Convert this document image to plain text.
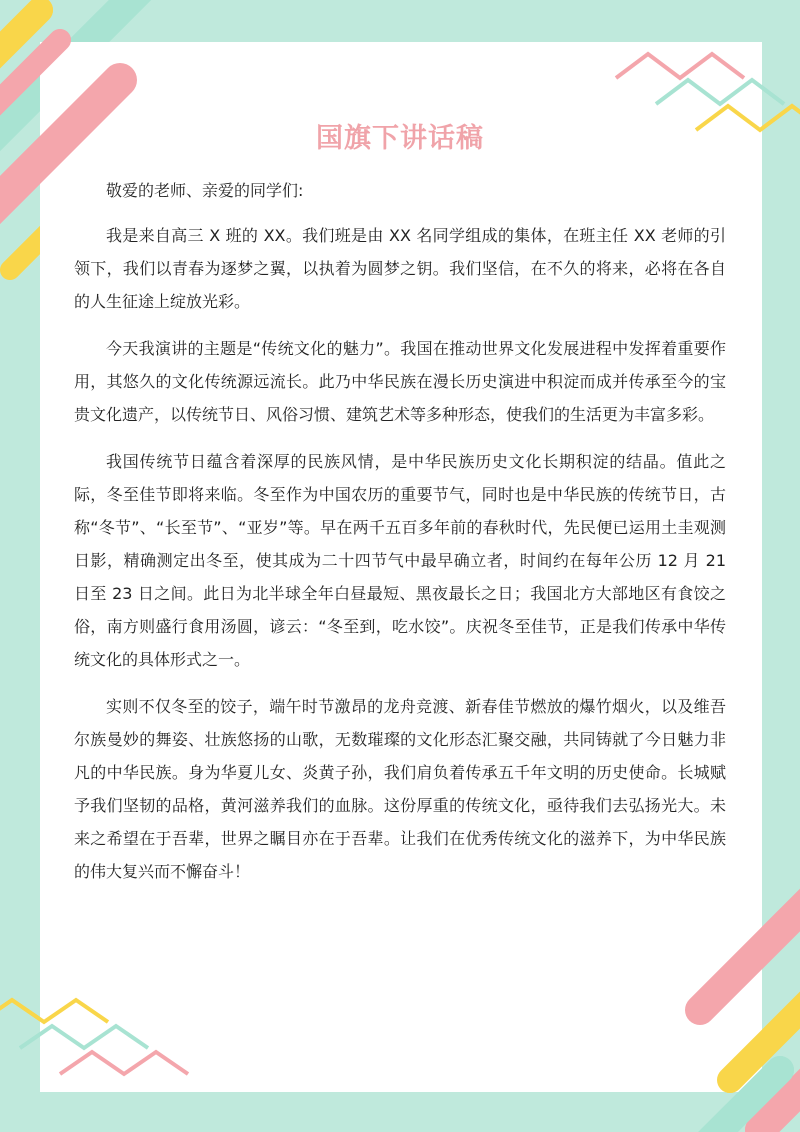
国旗下讲话稿

敬爱的老师、亲爱的同学们:

我是来自高三 X 班的 XX。我们班是由 XX 名同学组成的集体，在班主任 XX 老师的引领下，我们以青春为逐梦之翼，以执着为圆梦之钥。我们坚信，在不久的将来，必将在各自的人生征途上绽放光彩。

今天我演讲的主题是“传统文化的魅力”。我国在推动世界文化发展进程中发挥着重要作用，其悠久的文化传统源远流长。此乃中华民族在漫长历史演进中积淀而成并传承至今的宝贵文化遗产，以传统节日、风俗习惯、建筑艺术等多种形态，使我们的生活更为丰富多彩。

我国传统节日蕴含着深厚的民族风情，是中华民族历史文化长期积淀的结晶。值此之际，冬至佳节即将来临。冬至作为中国农历的重要节气，同时也是中华民族的传统节日，古称“冬节”、“长至节”、“亚岁”等。早在两千五百多年前的春秋时代，先民便已运用土圭观测日影，精确测定出冬至，使其成为二十四节气中最早确立者，时间约在每年公历 12 月 21 日至 23 日之间。此日为北半球全年白昼最短、黑夜最长之日；我国北方大部地区有食饺之俗，南方则盛行食用汤圆，谚云：“冬至到，吃水饺”。庆祝冬至佳节，正是我们传承中华传统文化的具体形式之一。

实则不仅冬至的饺子，端午时节激昂的龙舟竞渡、新春佳节燃放的爆竹烟火，以及维吾尔族曼妙的舞姿、壮族悠扬的山歌，无数璀璨的文化形态汇聚交融，共同铸就了今日魅力非凡的中华民族。身为华夏儿女、炎黄子孙，我们肩负着传承五千年文明的历史使命。长城赋予我们坚韧的品格，黄河滋养我们的血脉。这份厚重的传统文化，亟待我们去弘扬光大。未来之希望在于吾辈，世界之瞩目亦在于吾辈。让我们在优秀传统文化的滋养下，为中华民族的伟大复兴而不懈奋斗！
